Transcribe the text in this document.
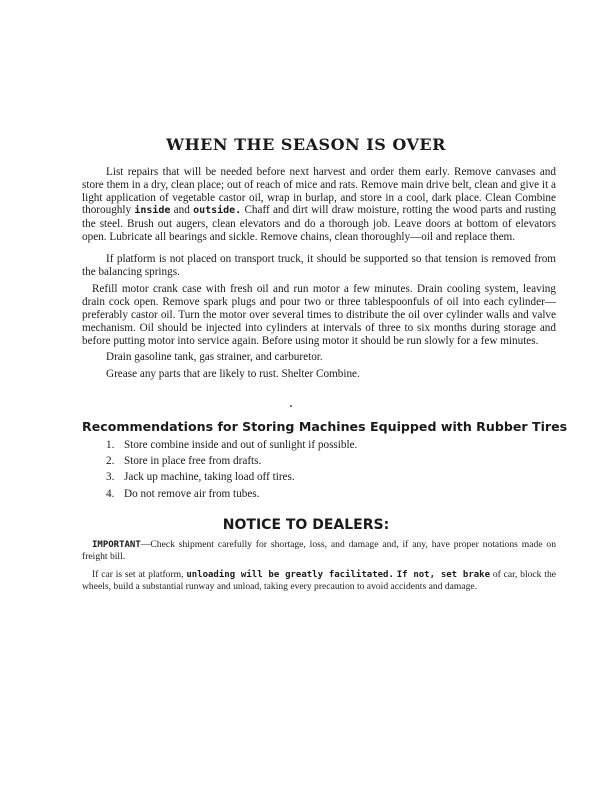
WHEN THE SEASON IS OVER

List repairs that will be needed before next harvest and order them early. Remove canvases and store them in a dry, clean place; out of reach of mice and rats. Remove main drive belt, clean and give it a light application of vegetable castor oil, wrap in burlap, and store in a cool, dark place. Clean Combine thoroughly inside and outside. Chaff and dirt will draw moisture, rotting the wood parts and rusting the steel. Brush out augers, clean elevators and do a thorough job. Leave doors at bottom of elevators open. Lubricate all bearings and sickle. Remove chains, clean thoroughly—oil and replace them.

If platform is not placed on transport truck, it should be supported so that tension is removed from the balancing springs.

Refill motor crank case with fresh oil and run motor a few minutes. Drain cooling system, leaving drain cock open. Remove spark plugs and pour two or three tablespoonfuls of oil into each cylinder—preferably castor oil. Turn the motor over several times to distribute the oil over cylinder walls and valve mechanism. Oil should be injected into cylinders at intervals of three to six months during storage and before putting motor into service again. Before using motor it should be run slowly for a few minutes.

Drain gasoline tank, gas strainer, and carburetor.

Grease any parts that are likely to rust. Shelter Combine.

Recommendations for Storing Machines Equipped with Rubber Tires
1. Store combine inside and out of sunlight if possible.
2. Store in place free from drafts.
3. Jack up machine, taking load off tires.
4. Do not remove air from tubes.
NOTICE TO DEALERS:

IMPORTANT—Check shipment carefully for shortage, loss, and damage and, if any, have proper notations made on freight bill.

If car is set at platform, unloading will be greatly facilitated. If not, set brake of car, block the wheels, build a substantial runway and unload, taking every precaution to avoid accidents and damage.
